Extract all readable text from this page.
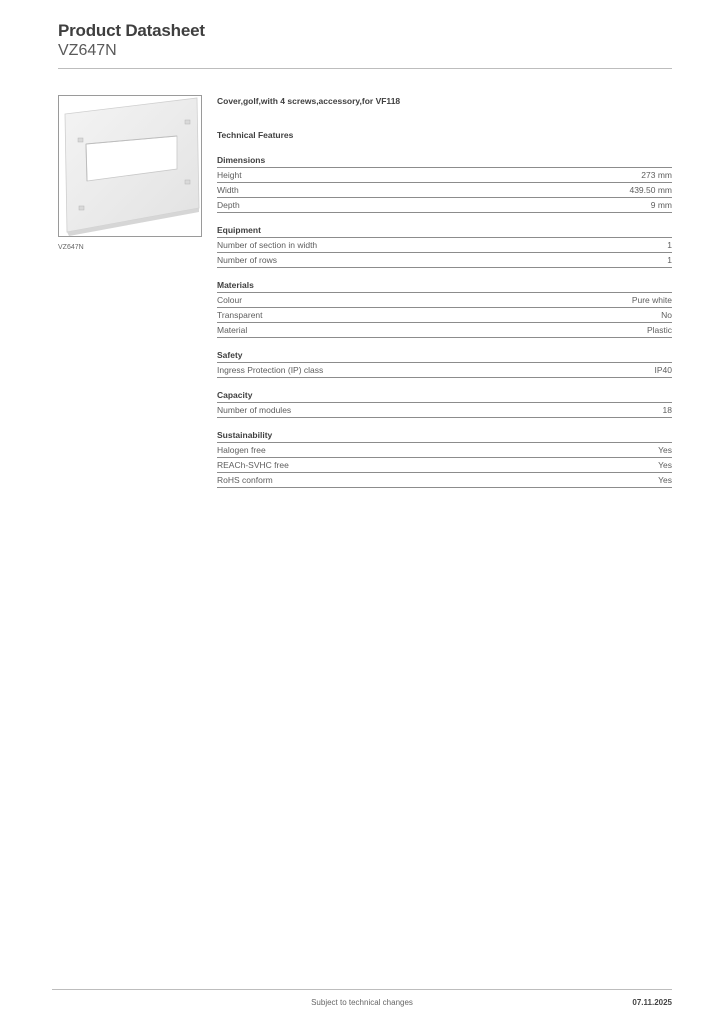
Product Datasheet
VZ647N
VZ647N
Cover,golf,with 4 screws,accessory,for VF118
Technical Features
Dimensions
Height	273 mm
Width	439.50 mm
Depth	9 mm
Equipment
Number of section in width	1
Number of rows	1
Materials
Colour	Pure white
Transparent	No
Material	Plastic
Safety
Ingress Protection (IP) class	IP40
Capacity
Number of modules	18
Sustainability
Halogen free	Yes
REACh-SVHC free	Yes
RoHS conform	Yes
Subject to technical changes	07.11.2025
